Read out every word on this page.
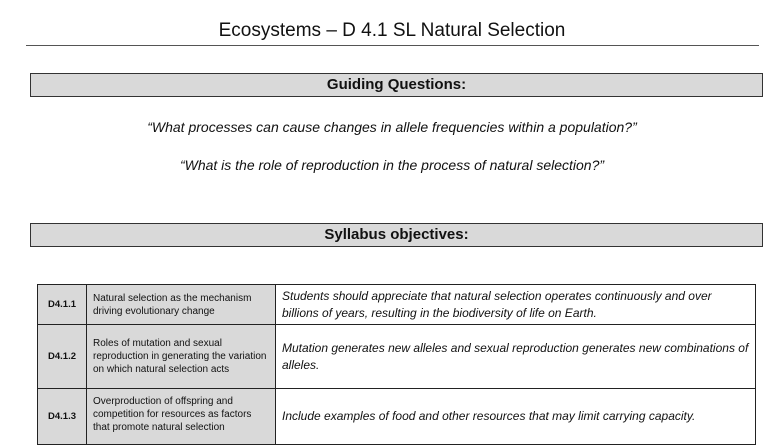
Ecosystems – D 4.1 SL Natural Selection
Guiding Questions:
“What processes can cause changes in allele frequencies within a population?”
“What is the role of reproduction in the process of natural selection?”
Syllabus objectives:
D4.1.1	Natural selection as the mechanism driving evolutionary change	Students should appreciate that natural selection operates continuously and over billions of years, resulting in the biodiversity of life on Earth.
D4.1.2	Roles of mutation and sexual reproduction in generating the variation on which natural selection acts	Mutation generates new alleles and sexual reproduction generates new combinations of alleles.
D4.1.3	Overproduction of offspring and competition for resources as factors that promote natural selection	Include examples of food and other resources that may limit carrying capacity.
